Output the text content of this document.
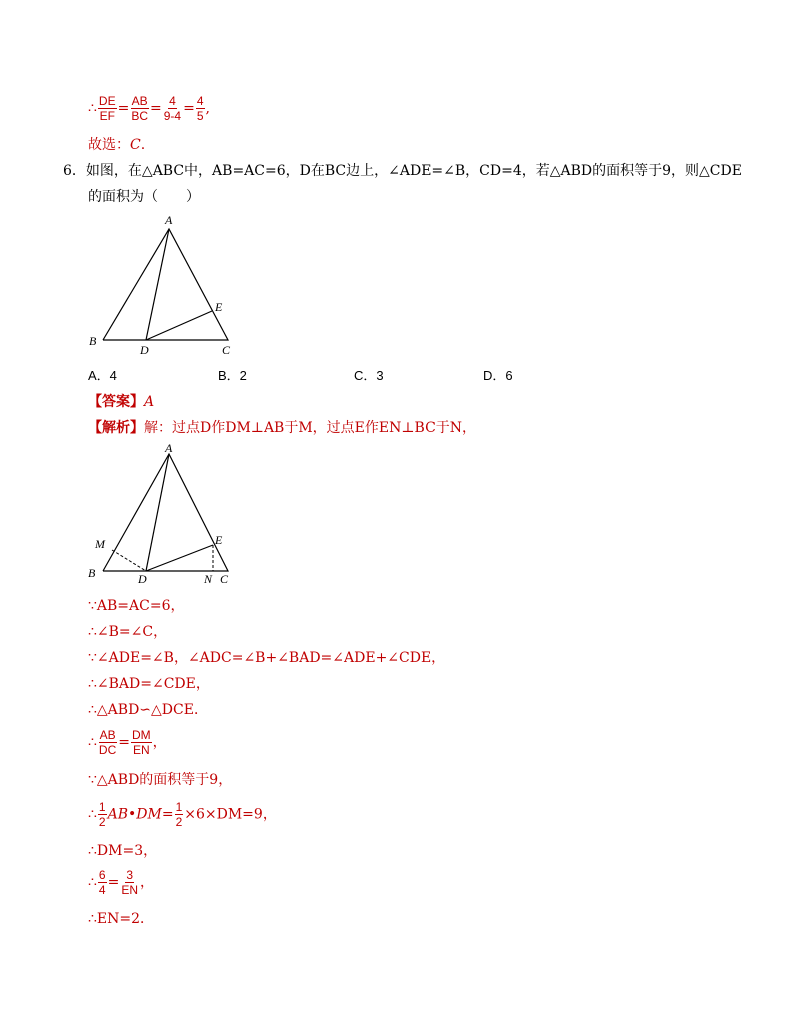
∴ $\frac{DE}{EF} = \frac{AB}{BC} = \frac{4}{9-4} = \frac{4}{5}$ ,
故选：C.
6．如图，在△ABC中，AB=AC=6，D在BC边上，∠ADE=∠B，CD=4，若△ABD的面积等于9，则△CDE
的面积为（　　）
A
B
C
D
E
A．4	B．2	C．3	D．6
【答案】A
【解析】解：过点D作DM⊥AB于M，过点E作EN⊥BC于N，
A
B	C
D
E
M
N
∵AB=AC=6，
∴∠B=∠C，
∵∠ADE=∠B，∠ADC=∠B+∠BAD=∠ADE+∠CDE，
∴∠BAD=∠CDE，
∴△ABD∽△DCE．
∴ $\frac{AB}{DC} = \frac{DM}{EN}$ ，
∵△ABD的面积等于9，
∴ $\frac{1}{2}$ AB•DM= $\frac{1}{2} \times 6\times DM=9$，
∴DM=3，
∴ $\frac{6}{4} = \frac{3}{EN}$ ，
∴EN=2．
